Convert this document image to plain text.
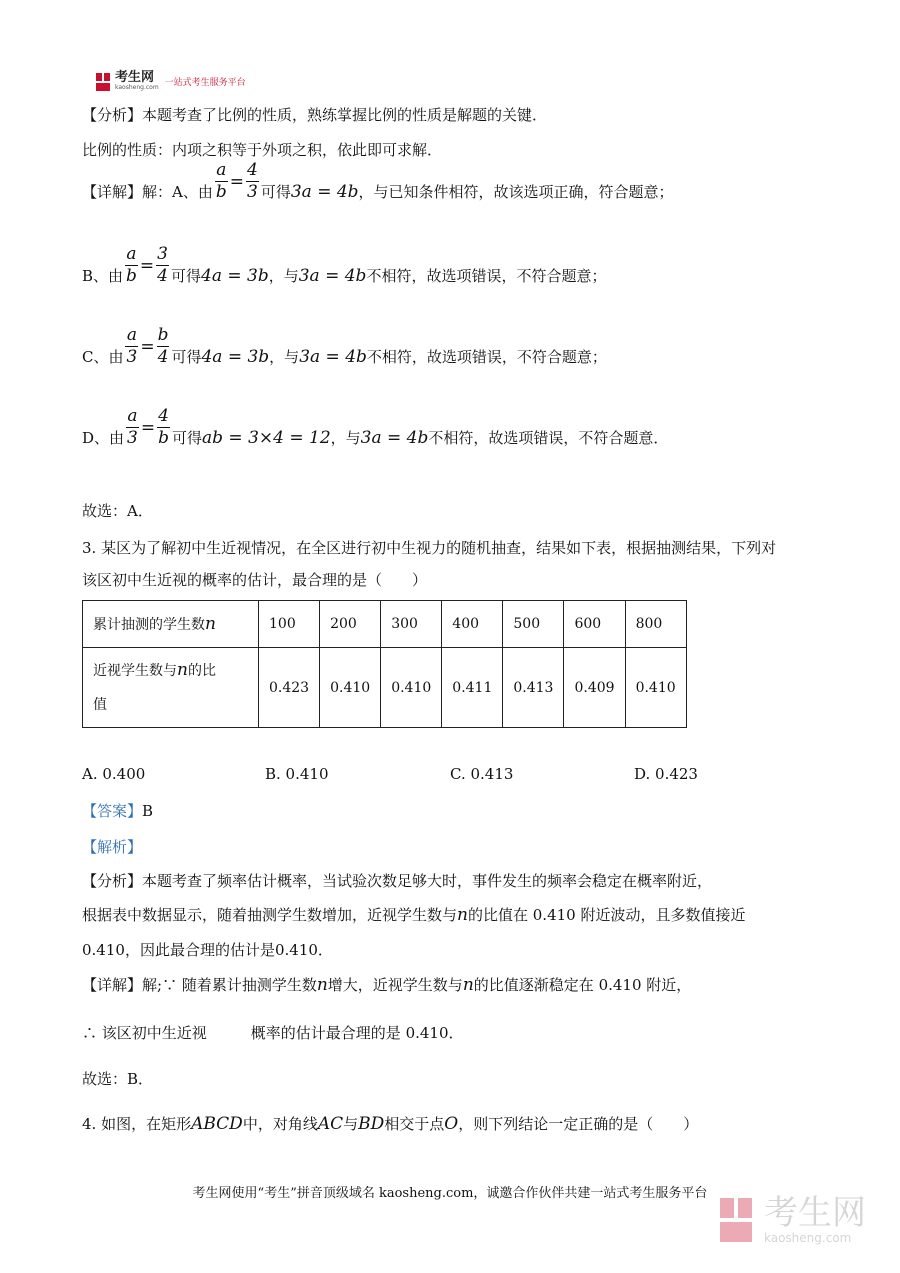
考生网
kaosheng.com 一站式考生服务平台
【分析】本题考查了比例的性质，熟练掌握比例的性质是解题的关键．
比例的性质：内项之积等于外项之积，依此即可求解．
【详解】 解：A、由 $\frac{a}{b} = \frac{4}{3}$ 可得 3a = 4b ，与已知条件相符，故该选项正确，符合题意；
B、由 $\frac{a}{b} = \frac{3}{4}$ 可得 4a = 3b ，与 3a = 4b 不相符，故选项错误，不符合题意；
C、由 $\frac{a}{3} = \frac{b}{4}$ 可得 4a = 3b ，与 3a = 4b 不相符，故选项错误，不符合题意；
D、由 $\frac{a}{3} = \frac{4}{b}$ 可得 ab = 3×4 = 12 ，与 3a = 4b 不相符，故选项错误，不符合题意．
故选：A．
3. 某区为了解初中生近视情况，在全区进行初中生视力的随机抽查，结果如下表，根据抽测结果，下列对
该区初中生近视的概率的估计，最合理的是（　　）
累计抽测的学生数n	100	200	300	400	500	600	800
近视学生数与n的比
值	0.423	0.410	0.410	0.411	0.413	0.409	0.410
A. 0.400	B. 0.410	C. 0.413	D. 0.423
【答案】B
【解析】
【分析】本题考查了频率估计概率，当试验次数足够大时，事件发生的频率会稳定在概率附近，
根据表中数据显示，随着抽测学生数增加，近视学生数与n的比值在 0.410 附近波动，且多数值接近
0.410，因此最合理的估计是0.410．
【详解】解;∵ 随着累计抽测学生数n增大，近视学生数与n的比值逐渐稳定在 0.410 附近，
∴ 该区初中生近视	概率的估计最合理的是 0.410．
故选：B．
4. 如图，在矩形ABCD中，对角线AC与BD相交于点O，则下列结论一定正确的是（　　）
考生网使用“考生”拼音顶级域名 kaosheng.com，诚邀合作伙伴共建一站式考生服务平台	考生网
kaosheng.com
